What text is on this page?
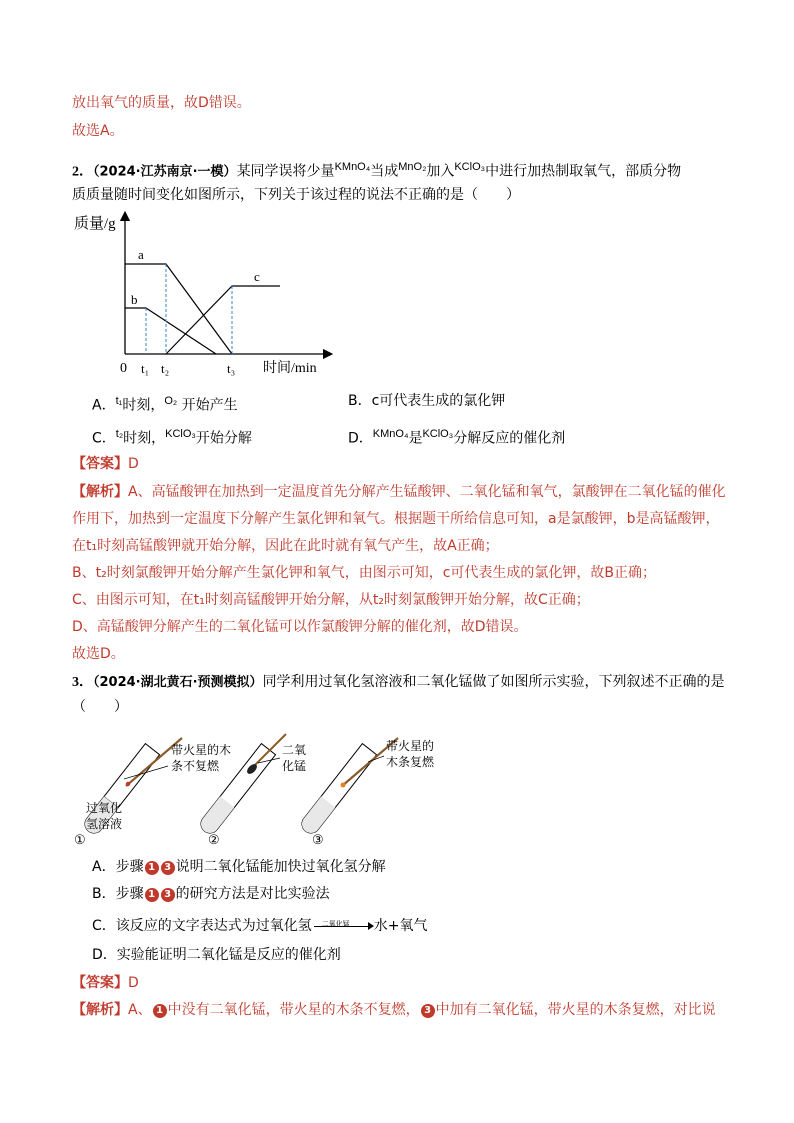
放出氧气的质量，故D错误。
故选A。
2．（2024·江苏南京·一模）某同学误将少量$^{KMnO_4}$当成$^{MnO_2}$加入$^{KClO_3}$中进行加热制取氧气，部质分物
质质量随时间变化如图所示，下列关于该过程的说法不正确的是（　　）
质量/g
时间/min
0 t₁ t₂	t₃
a
b
c
A．$^{t_1}$时刻，$^{O_2}$ 开始产生	B．c可代表生成的氯化钾
C．$^{t_2}$时刻，$^{KClO_3}$开始分解	D．$^{KMnO_4}$是$^{KClO_3}$分解反应的催化剂
【答案】D
【解析】A、高锰酸钾在加热到一定温度首先分解产生锰酸钾、二氧化锰和氧气，氯酸钾在二氧化锰的催化
作用下，加热到一定温度下分解产生氯化钾和氧气。根据题干所给信息可知，a是氯酸钾，b是高锰酸钾，
在t₁时刻高锰酸钾就开始分解，因此在此时就有氧气产生，故A正确；
B、t₂时刻氯酸钾开始分解产生氯化钾和氧气，由图示可知，c可代表生成的氯化钾，故B正确；
C、由图示可知，在t₁时刻高锰酸钾开始分解，从t₂时刻氯酸钾开始分解，故C正确；
D、高锰酸钾分解产生的二氧化锰可以作氯酸钾分解的催化剂，故D错误。
故选D。
3．（2024·湖北黄石·预测模拟）同学利用过氧化氢溶液和二氧化锰做了如图所示实验，下列叙述不正确的是
（　　）
带火星的木
条不复燃
过氧化
氢溶液
①
二氧
化锰
②
带火星的
木条复燃
③
A．步骤 1 3 说明二氧化锰能加快过氧化氢分解
B．步骤 1 3 的研究方法是对比实验法
C．该反应的文字表达式为过氧化氢 二氧化锰 水+氧气
D．实验能证明二氧化锰是反应的催化剂
【答案】D
【解析】A、 1 中没有二氧化锰，带火星的木条不复燃， 3 中加有二氧化锰，带火星的木条复燃，对比说
